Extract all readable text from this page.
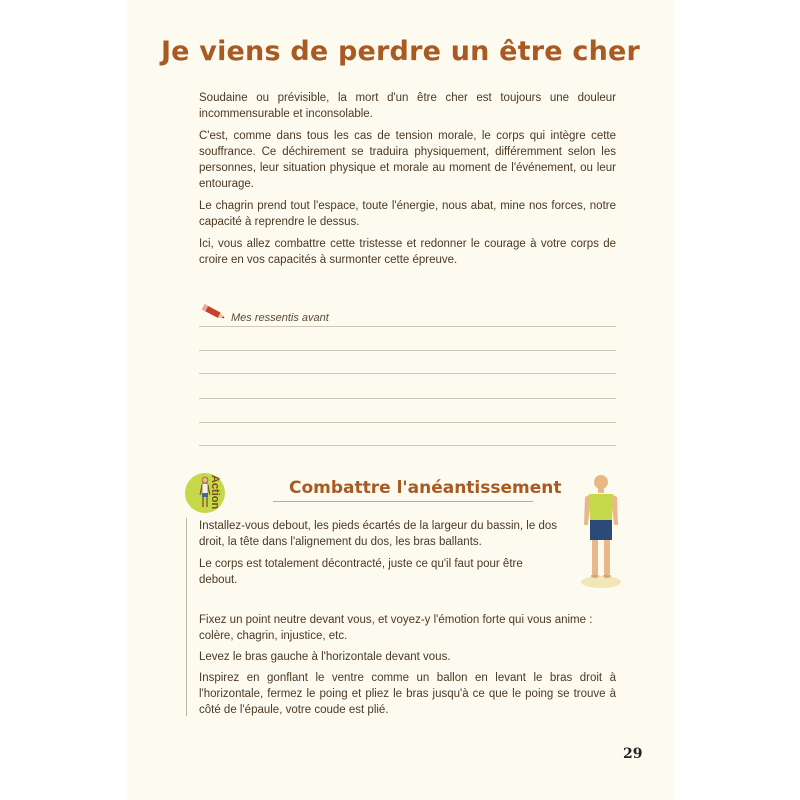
Je viens de perdre un être cher

Soudaine ou prévisible, la mort d'un être cher est toujours une douleur incommensurable et inconsolable.

C'est, comme dans tous les cas de tension morale, le corps qui intègre cette souffrance. Ce déchirement se traduira physiquement, différemment selon les personnes, leur situation physique et morale au moment de l'événement, ou leur entourage.

Le chagrin prend tout l'espace, toute l'énergie, nous abat, mine nos forces, notre capacité à reprendre le dessus.

Ici, vous allez combattre cette tristesse et redonner le courage à votre corps de croire en vos capacités à surmonter cette épreuve.

Mes ressentis avant
Action	Combattre l'anéantissement

Installez-vous debout, les pieds écartés de la largeur du bassin, le dos droit, la tête dans l'alignement du dos, les bras ballants.

Le corps est totalement décontracté, juste ce qu'il faut pour être debout.

Fixez un point neutre devant vous, et voyez-y l'émotion forte qui vous anime : colère, chagrin, injustice, etc.

Levez le bras gauche à l'horizontale devant vous.

Inspirez en gonflant le ventre comme un ballon en levant le bras droit à l'horizontale, fermez le poing et pliez le bras jusqu'à ce que le poing se trouve à côté de l'épaule, votre coude est plié.

29
